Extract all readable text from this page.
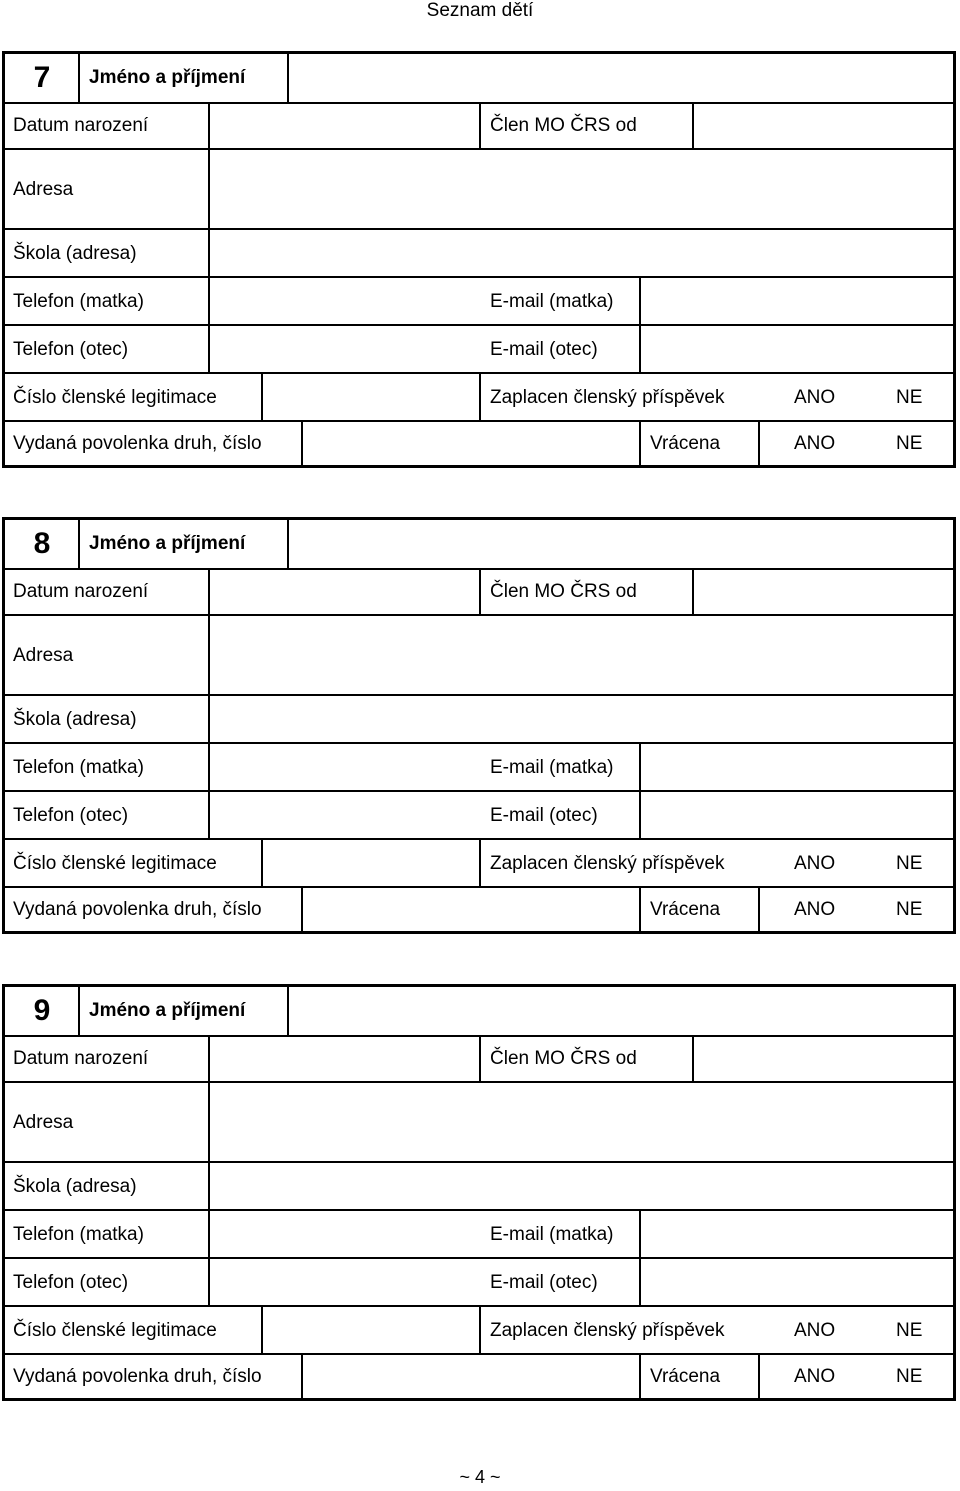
Seznam dětí
7	Jméno a příjmení
Datum narození	Člen MO ČRS od
Adresa
Škola (adresa)
Telefon (matka)	E-mail (matka)
Telefon (otec)	E-mail (otec)
Číslo členské legitimace	Zaplacen členský příspěvek	ANO	NE
Vydaná povolenka druh, číslo	Vrácena	ANO	NE
8	Jméno a příjmení
Datum narození	Člen MO ČRS od
Adresa
Škola (adresa)
Telefon (matka)	E-mail (matka)
Telefon (otec)	E-mail (otec)
Číslo členské legitimace	Zaplacen členský příspěvek	ANO	NE
Vydaná povolenka druh, číslo	Vrácena	ANO	NE
9	Jméno a příjmení
Datum narození	Člen MO ČRS od
Adresa
Škola (adresa)
Telefon (matka)	E-mail (matka)
Telefon (otec)	E-mail (otec)
Číslo členské legitimace	Zaplacen členský příspěvek	ANO	NE
Vydaná povolenka druh, číslo	Vrácena	ANO	NE
~ 4 ~
